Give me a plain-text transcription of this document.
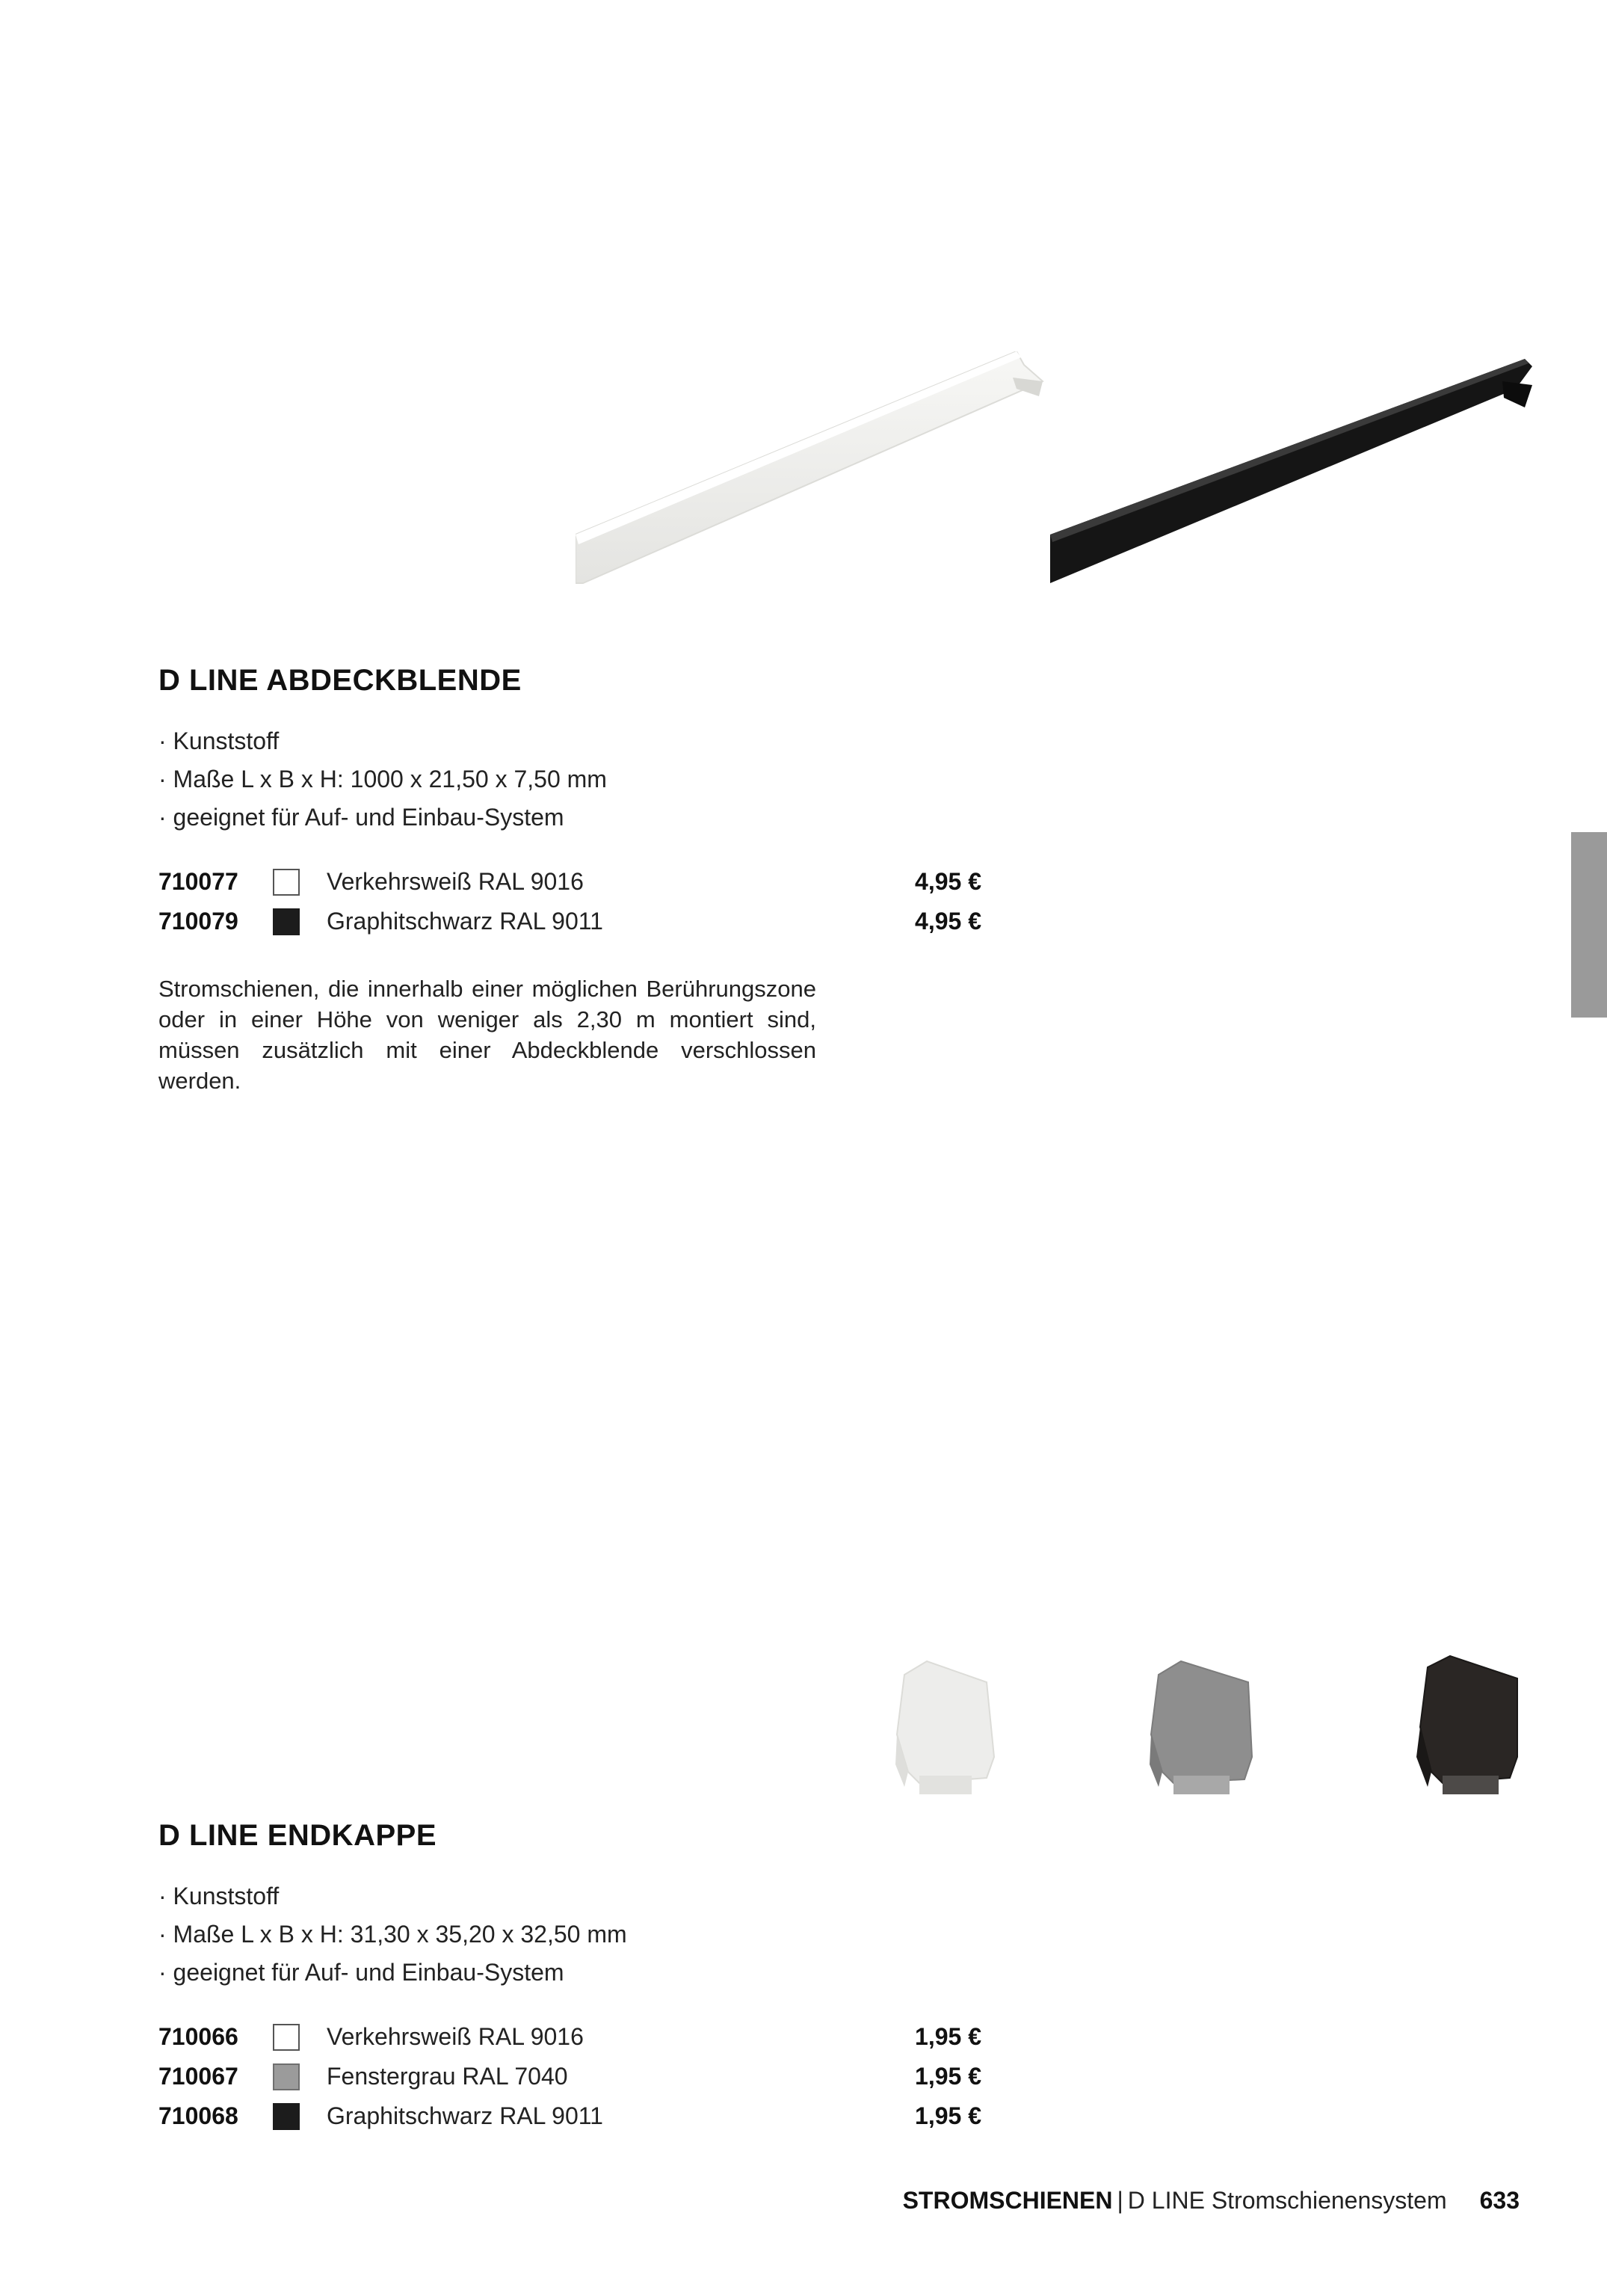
D LINE ABDECKBLENDE
· Kunststoff
· Maße L x B x H: 1000 x 21,50 x 7,50 mm
· geeignet für Auf- und Einbau-System
710077	Verkehrsweiß RAL 9016	4,95 €
710079	Graphitschwarz RAL 9011	4,95 €

Stromschienen, die innerhalb einer möglichen Berührungszone oder in einer Höhe von weniger als 2,30 m montiert sind, müssen zusätzlich mit einer Abdeckblende verschlossen werden.

D LINE ENDKAPPE
· Kunststoff
· Maße L x B x H: 31,30 x 35,20 x 32,50 mm
· geeignet für Auf- und Einbau-System
710066	Verkehrsweiß RAL 9016	1,95 €
710067	Fenstergrau RAL 7040	1,95 €
710068	Graphitschwarz RAL 9011	1,95 €
STROMSCHIENEN | D LINE Stromschienensystem 633
